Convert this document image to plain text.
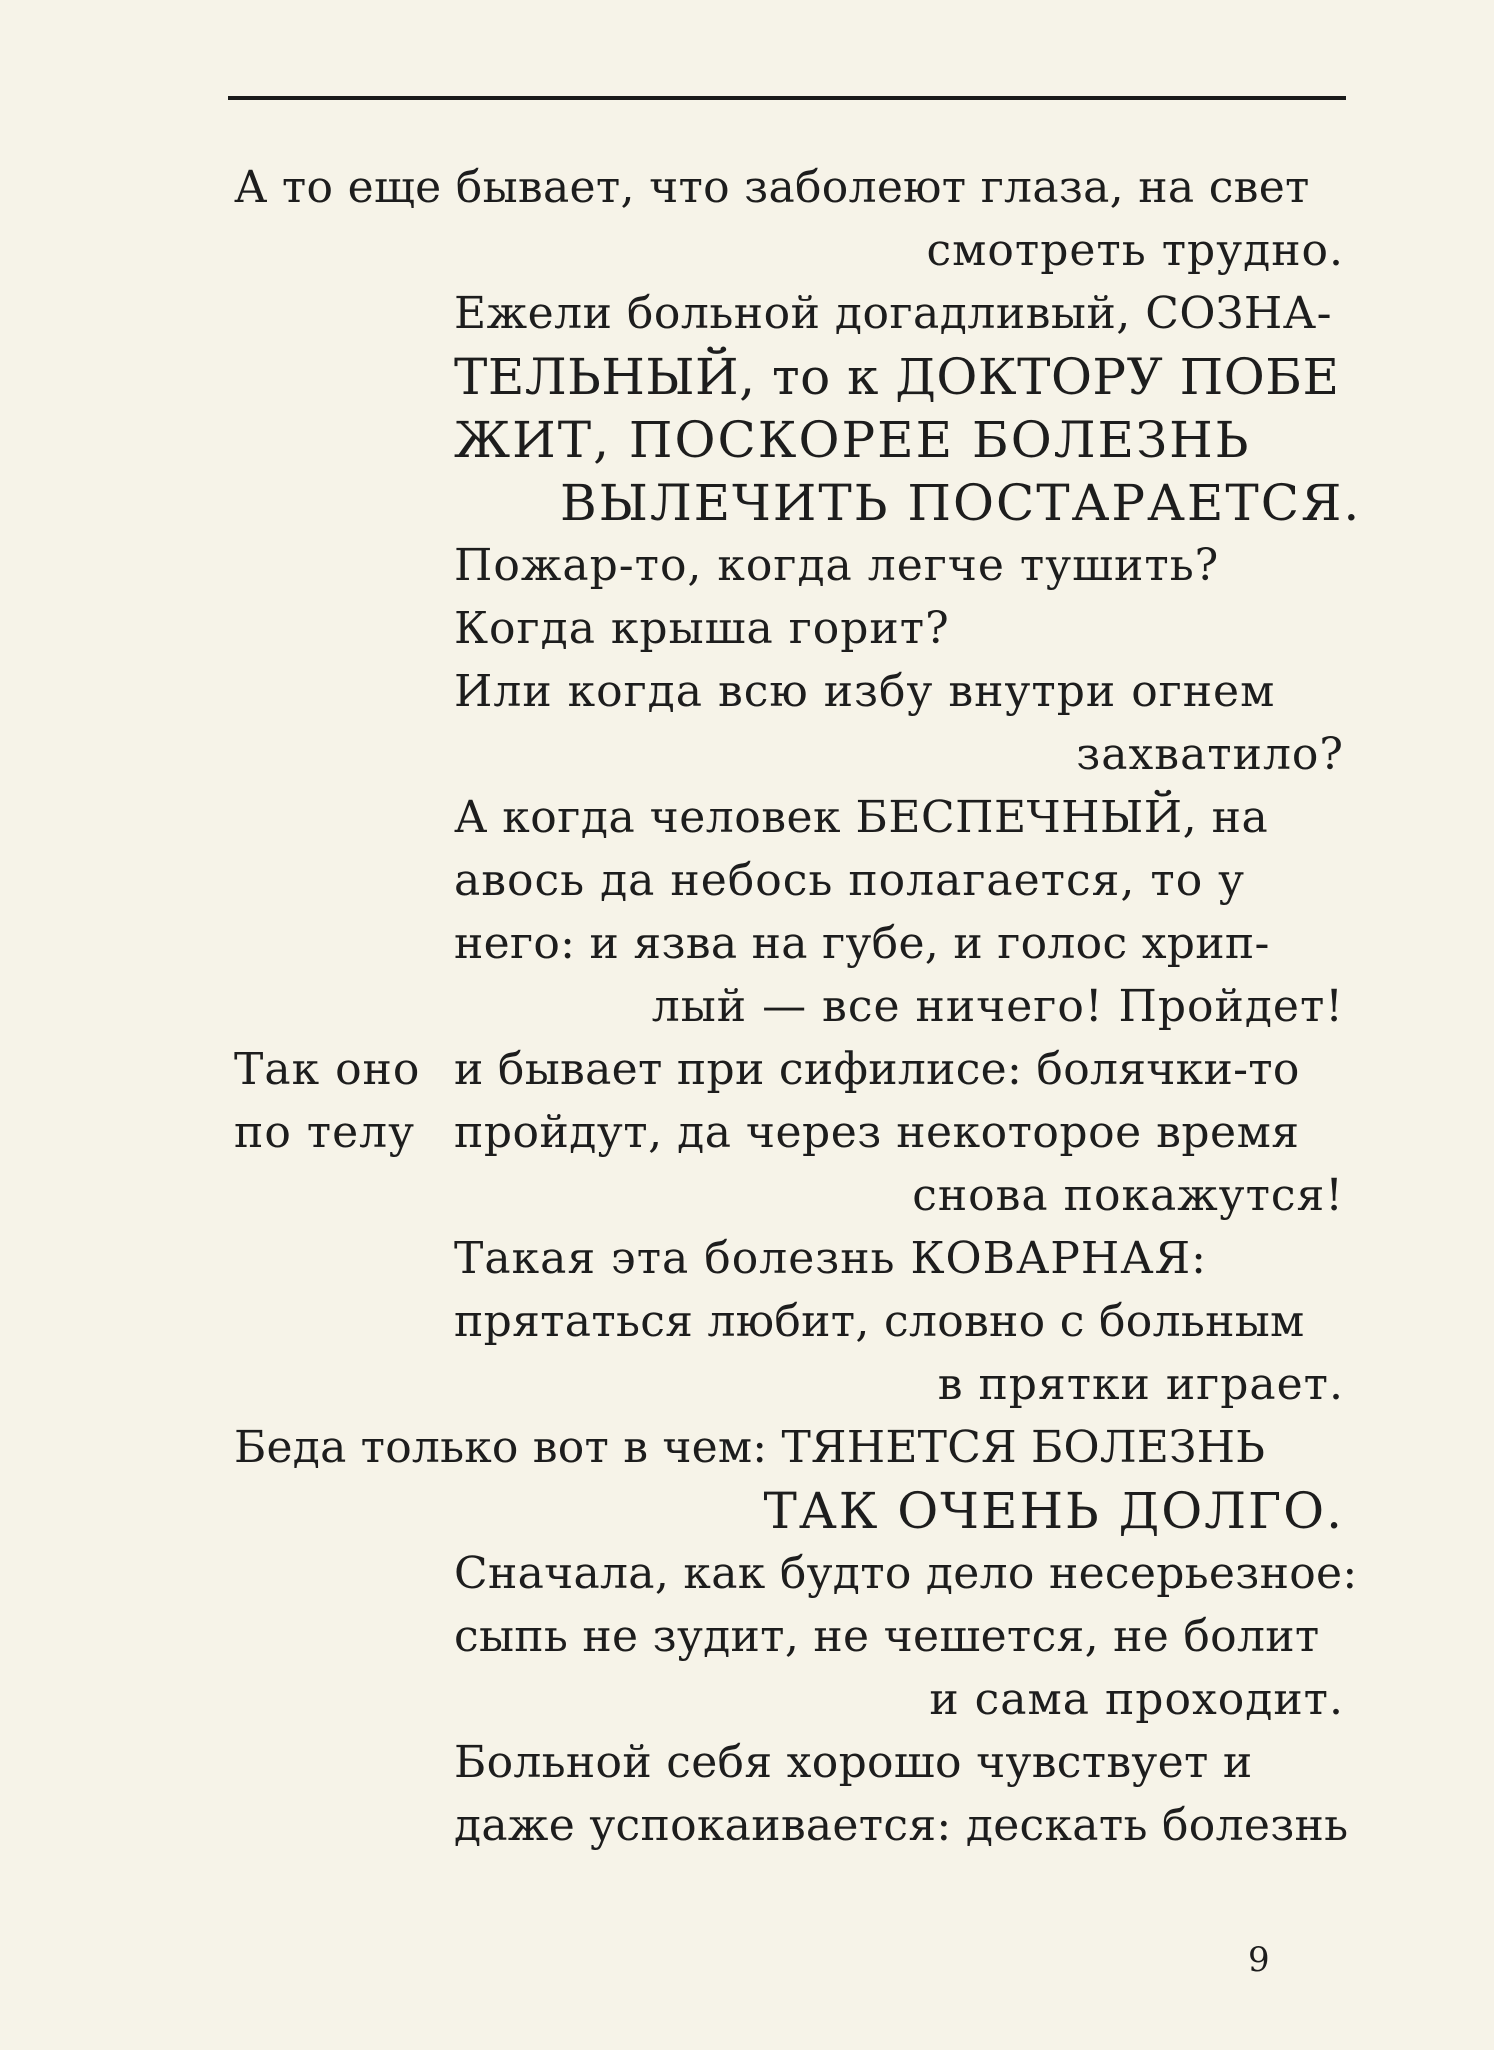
А то еще бывает, что заболеют глаза, на свет
смотреть трудно.
Ежели больной догадливый, СОЗНА-
ТЕЛЬНЫЙ, то к ДОКТОРУ ПОБЕ
ЖИТ, ПОСКОРЕЕ БОЛЕЗНЬ
ВЫЛЕЧИТЬ ПОСТАРАЕТСЯ.
Пожар-то, когда легче тушить?
Когда крыша горит?
Или когда всю избу внутри огнем
захватило?
А когда человек БЕСПЕЧНЫЙ, на
авось да небось полагается, то у
него: и язва на губе, и голос хрип-
лый — все ничего! Пройдет!
Так оно и бывает при сифилисе: болячки-то
по телу пройдут, да через некоторое время
снова покажутся!
Такая эта болезнь КОВАРНАЯ:
прятаться любит, словно с больным
в прятки играет.
Беда только вот в чем: ТЯНЕТСЯ БОЛЕЗНЬ
ТАК ОЧЕНЬ ДОЛГО.
Сначала, как будто дело несерьезное:
сыпь не зудит, не чешется, не болит
и сама проходит.
Больной себя хорошо чувствует и
даже успокаивается: дескать болезнь
9
